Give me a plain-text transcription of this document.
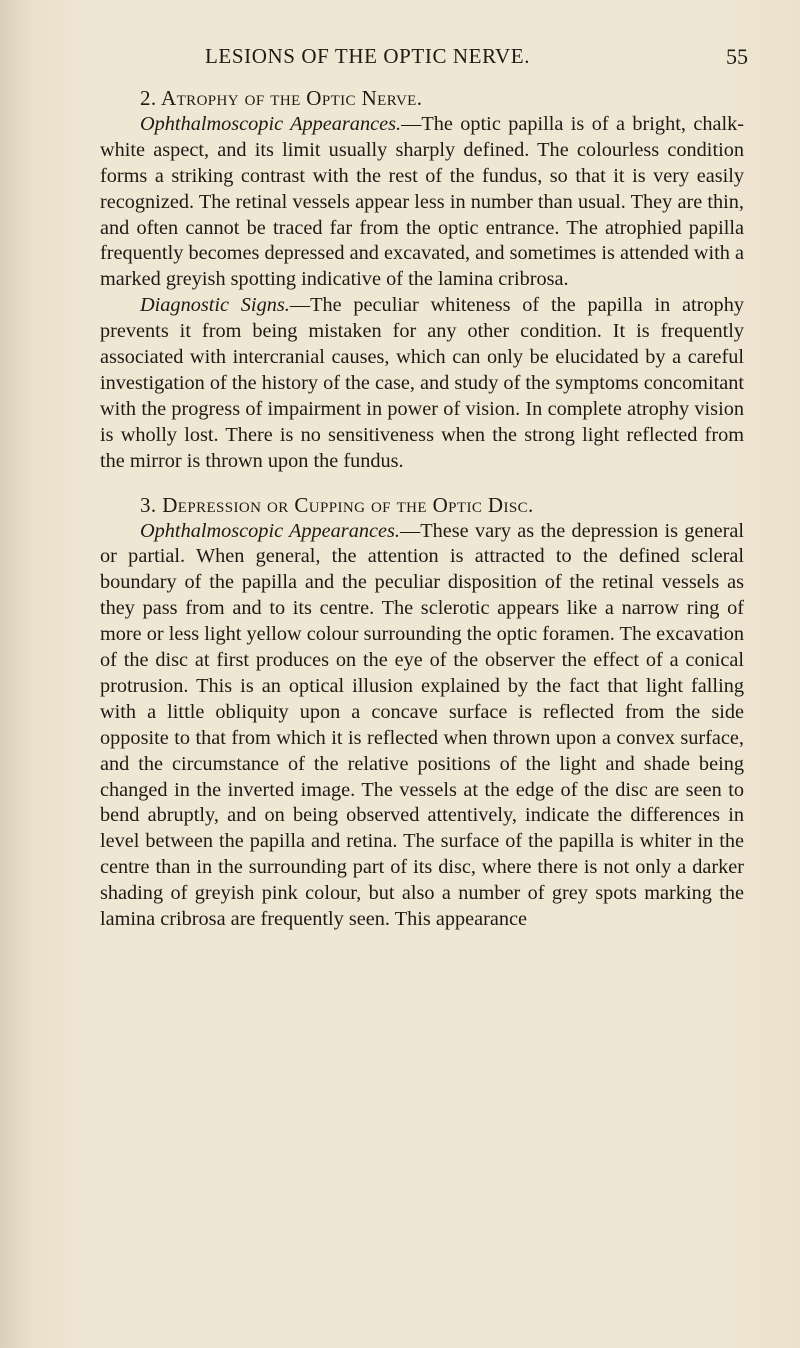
LESIONS OF THE OPTIC NERVE.	55

2. Atrophy of the Optic Nerve.

Ophthalmoscopic Appearances.—The optic papilla is of a bright, chalk-white aspect, and its limit usually sharply defined. The colourless condition forms a striking contrast with the rest of the fundus, so that it is very easily recognized. The retinal vessels appear less in number than usual. They are thin, and often cannot be traced far from the optic entrance. The atrophied papilla frequently becomes depressed and excavated, and sometimes is attended with a marked greyish spotting indicative of the lamina cribrosa.

Diagnostic Signs.—The peculiar whiteness of the papilla in atrophy prevents it from being mistaken for any other condition. It is frequently associated with intercranial causes, which can only be elucidated by a careful investigation of the history of the case, and study of the symptoms concomitant with the progress of impairment in power of vision. In complete atrophy vision is wholly lost. There is no sensitiveness when the strong light reflected from the mirror is thrown upon the fundus.

3. Depression or Cupping of the Optic Disc.

Ophthalmoscopic Appearances.—These vary as the depression is general or partial. When general, the attention is attracted to the defined scleral boundary of the papilla and the peculiar disposition of the retinal vessels as they pass from and to its centre. The sclerotic appears like a narrow ring of more or less light yellow colour surrounding the optic foramen. The excavation of the disc at first produces on the eye of the observer the effect of a conical protrusion. This is an optical illusion explained by the fact that light falling with a little obliquity upon a concave surface is reflected from the side opposite to that from which it is reflected when thrown upon a convex surface, and the circumstance of the relative positions of the light and shade being changed in the inverted image. The vessels at the edge of the disc are seen to bend abruptly, and on being observed attentively, indicate the differences in level between the papilla and retina. The surface of the papilla is whiter in the centre than in the surrounding part of its disc, where there is not only a darker shading of greyish pink colour, but also a number of grey spots marking the lamina cribrosa are frequently seen. This appearance
